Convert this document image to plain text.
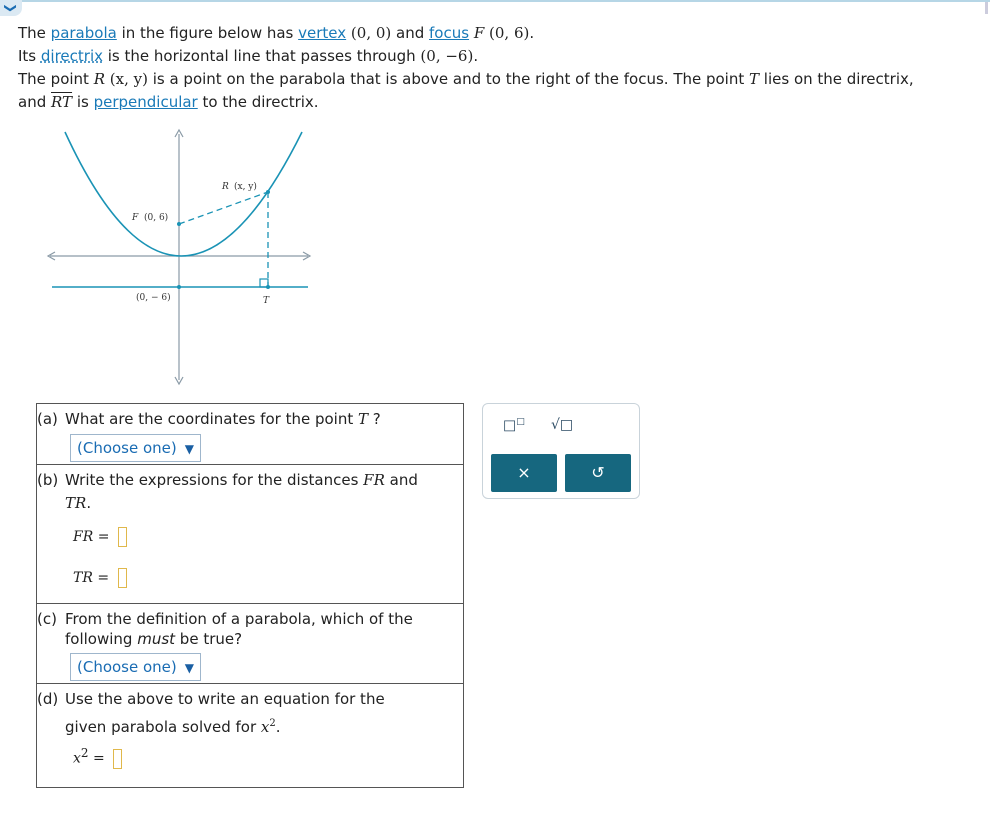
❯
The parabola in the figure below has vertex (0, 0) and focus F (0, 6).
Its directrix is the horizontal line that passes through (0, −6).
The point R (x, y) is a point on the parabola that is above and to the right of the focus. The point T lies on the directrix,
and $\overline{RT}$ is perpendicular to the directrix.
R (x, y)
F (0, 6)
(0, − 6)	T
(a) What are the coordinates for the point T ?
(Choose one) ▼
(b) Write the expressions for the distances FR and
TR.
FR =
TR =
(c) From the definition of a parabola, which of the
following must be true?
(Choose one) ▼
(d) Use the above to write an equation for the
given parabola solved for $x^2$.
$x^2$ =
□□ √□
×	↺
